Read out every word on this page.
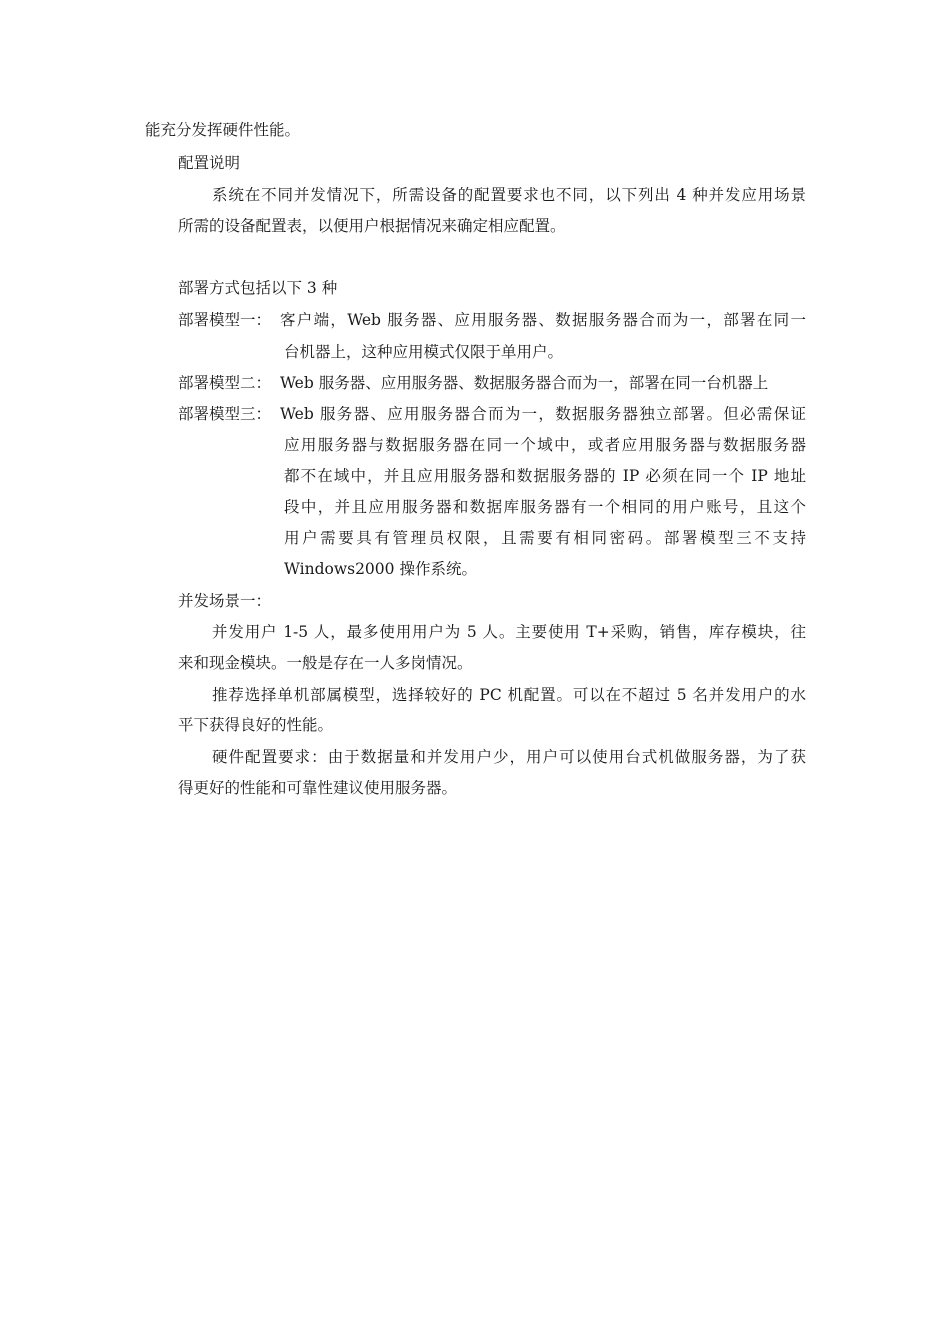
能充分发挥硬件性能。
配置说明
系统在不同并发情况下，所需设备的配置要求也不同，以下列出 4 种并发应用场景
所需的设备配置表，以便用户根据情况来确定相应配置。
部署方式包括以下 3 种
部署模型一： 客户端，Web 服务器、应用服务器、数据服务器合而为一，部署在同一
台机器上，这种应用模式仅限于单用户。
部署模型二： Web 服务器、应用服务器、数据服务器合而为一，部署在同一台机器上
部署模型三： Web 服务器、应用服务器合而为一，数据服务器独立部署。但必需保证
应用服务器与数据服务器在同一个域中，或者应用服务器与数据服务器
都不在域中，并且应用服务器和数据服务器的 IP 必须在同一个 IP 地址
段中，并且应用服务器和数据库服务器有一个相同的用户账号，且这个
用户需要具有管理员权限，且需要有相同密码。部署模型三不支持
Windows2000 操作系统。
并发场景一：
并发用户 1-5 人，最多使用用户为 5 人。主要使用 T+采购，销售，库存模块，往
来和现金模块。一般是存在一人多岗情况。
推荐选择单机部属模型，选择较好的 PC 机配置。可以在不超过 5 名并发用户的水
平下获得良好的性能。
硬件配置要求：由于数据量和并发用户少，用户可以使用台式机做服务器，为了获
得更好的性能和可靠性建议使用服务器。
